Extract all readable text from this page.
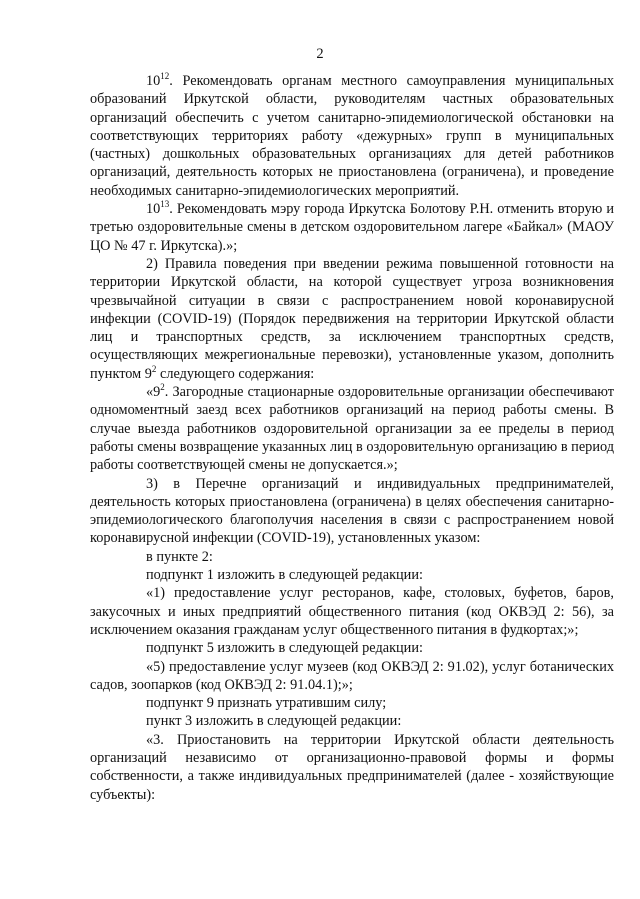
2

$10^{12}$. Рекомендовать органам местного самоуправления муниципальных образований Иркутской области, руководителям частных образовательных организаций обеспечить с учетом санитарно-эпидемиологической обстановки на соответствующих территориях работу «дежурных» групп в муниципальных (частных) дошкольных образовательных организациях для детей работников организаций, деятельность которых не приостановлена (ограничена), и проведение необходимых санитарно-эпидемиологических мероприятий.

$10^{13}$. Рекомендовать мэру города Иркутска Болотову Р.Н. отменить вторую и третью оздоровительные смены в детском оздоровительном лагере «Байкал» (МАОУ ЦО № 47 г. Иркутска).»;

2) Правила поведения при введении режима повышенной готовности на территории Иркутской области, на которой существует угроза возникновения чрезвычайной ситуации в связи с распространением новой коронавирусной инфекции (COVID-19) (Порядок передвижения на территории Иркутской области лиц и транспортных средств, за исключением транспортных средств, осуществляющих межрегиональные перевозки), установленные указом, дополнить пунктом $9^2$ следующего содержания:

«$9^2$. Загородные стационарные оздоровительные организации обеспечивают одномоментный заезд всех работников организаций на период работы смены. В случае выезда работников оздоровительной организации за ее пределы в период работы смены возвращение указанных лиц в оздоровительную организацию в период работы соответствующей смены не допускается.»;

3) в Перечне организаций и индивидуальных предпринимателей, деятельность которых приостановлена (ограничена) в целях обеспечения санитарно-эпидемиологического благополучия населения в связи с распространением новой коронавирусной инфекции (COVID-19), установленных указом:

в пункте 2:

подпункт 1 изложить в следующей редакции:

«1) предоставление услуг ресторанов, кафе, столовых, буфетов, баров, закусочных и иных предприятий общественного питания (код ОКВЭД 2: 56), за исключением оказания гражданам услуг общественного питания в фудкортах;»;

подпункт 5 изложить в следующей редакции:

«5) предоставление услуг музеев (код ОКВЭД 2: 91.02), услуг ботанических садов, зоопарков (код ОКВЭД 2: 91.04.1);»;

подпункт 9 признать утратившим силу;

пункт 3 изложить в следующей редакции:

«3. Приостановить на территории Иркутской области деятельность организаций независимо от организационно-правовой формы и формы собственности, а также индивидуальных предпринимателей (далее - хозяйствующие субъекты):
